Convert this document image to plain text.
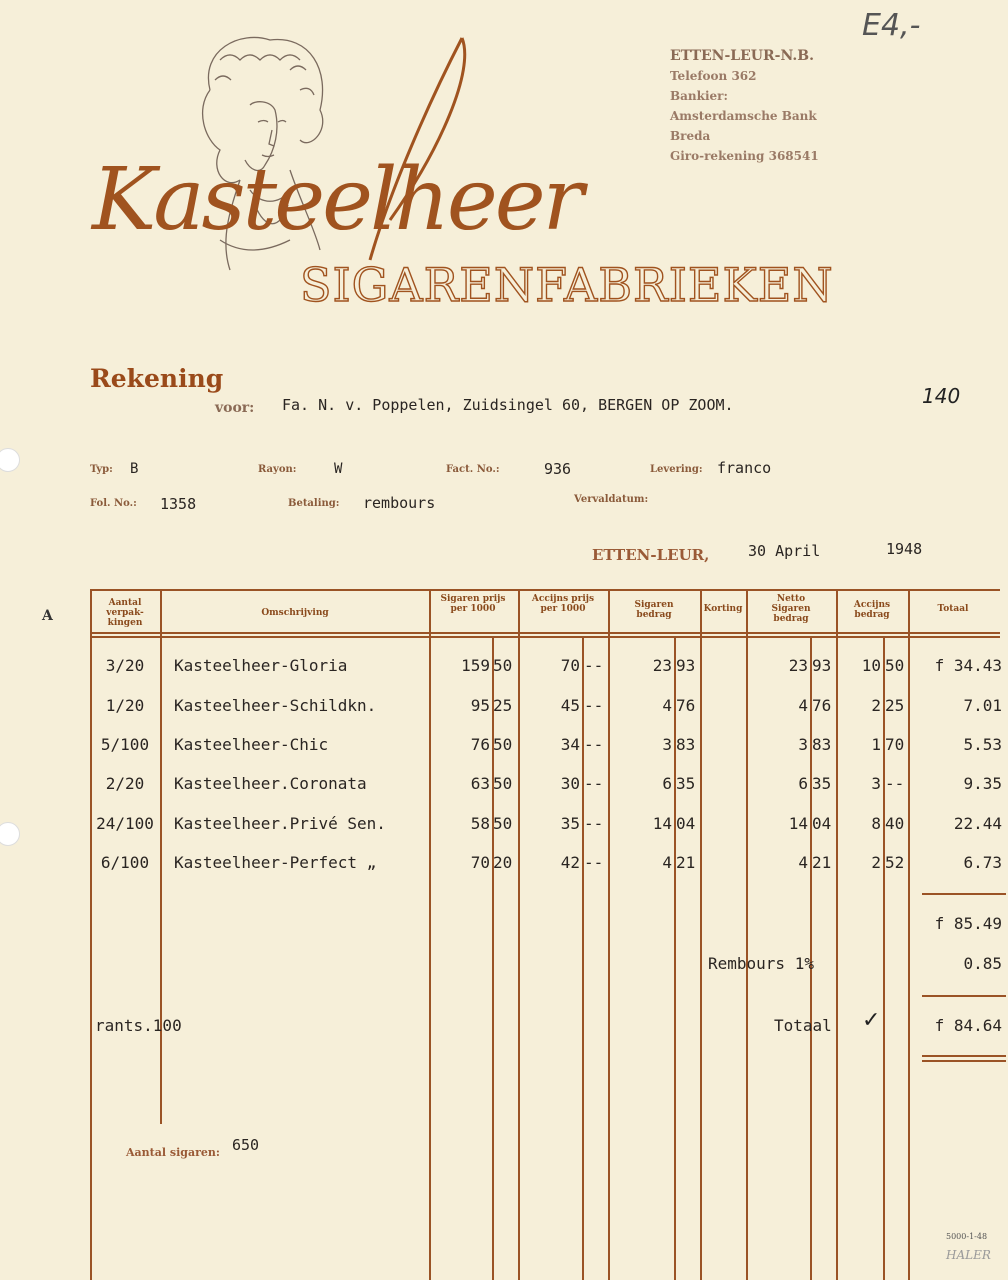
E4,-
Kasteelheer
SIGARENFABRIEKEN
ETTEN-LEUR-N.B.
Telefoon 362
Bankier:
Amsterdamsche Bank
Breda
Giro-rekening 368541
Rekening
voor: Fa. N. v. Poppelen, Zuidsingel 60, BERGEN OP ZOOM.	140
A
Typ: B	Rayon:	W	Fact. No.:	936	Levering: franco
Fol. No.: 1358	Betaling: rembours	Vervaldatum:
ETTEN-LEUR,	30 April	1948
Aantal verpak- kingen
Omschrijving
Sigaren prijs per 1000
Accijns prijs per 1000	Sigaren bedrag
Korting
Netto Sigaren bedrag
Accijns bedrag
Totaal
3/20	Kasteelheer-Gloria	159 50	70 --	23 93	23 93	10 50	f 34.43
1/20	Kasteelheer-Schildkn.	95 25	45 --	4 76	4 76	2 25	7.01
5/100	Kasteelheer-Chic	76 50	34 --	3 83	3 83	1 70	5.53
2/20	Kasteelheer.Coronata	63 50	30 --	6 35	6 35	3 --	9.35
24/100 Kasteelheer.Privé Sen.	58 50	35 --	14 04	14 04	8 40	22.44
6/100	Kasteelheer-Perfect „	70 20	42 --	4 21	4 21	2 52	6.73
f 85.49
Rembours 1%	0.85
rants.100	Totaal ✓	f 84.64
Aantal sigaren: 650
5000-1-48
HALER
